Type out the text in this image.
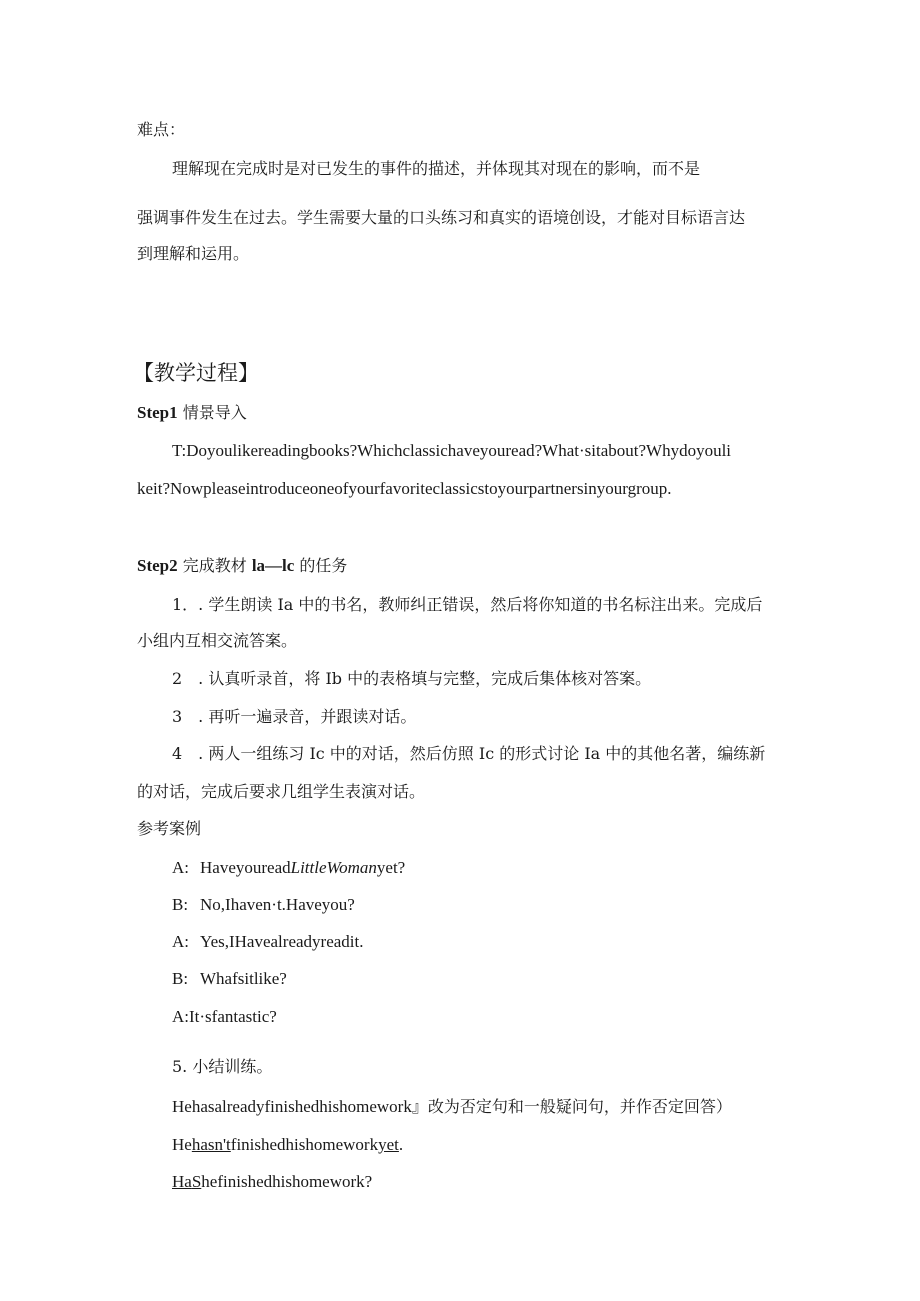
难点：

理解现在完成时是对已发生的事件的描述，并体现其对现在的影响，而不是

强调事件发生在过去。学生需要大量的口头练习和真实的语境创设，才能对目标语言达

到理解和运用。

【教学过程】

Step1 情景导入

T:Doyoulikereadingbooks?Whichclassichaveyouread?What·sitabout?Whydoyouli

keit?Nowpleaseintroduceoneofyourfavoriteclassicstoyourpartnersinyourgroup.

Step2 完成教材 la—lc 的任务

1．. 学生朗读 Ia 中的书名，教师纠正错误，然后将你知道的书名标注出来。完成后

小组内互相交流答案。

2　. 认真听录首，将 Ib 中的表格填与完整，完成后集体核对答案。

3　. 再听一遍录音，并跟读对话。

4　. 两人一组练习 Ic 中的对话，然后仿照 Ic 的形式讨论 Ia 中的其他名著，编练新

的对话，完成后要求几组学生表演对话。

参考案例

A: HaveyoureadLittleWomanyet?

B: No,Ihaven·t.Haveyou?

A: Yes,IHavealreadyreadit.

B: Whafsitlike?

A:It·sfantastic?

5. 小结训练。

Hehasalreadyfinishedhishomework』改为否定句和一般疑问句，并作否定回答）

Hehasn'tfinishedhishomeworkyet.

HaShefinishedhishomework?
